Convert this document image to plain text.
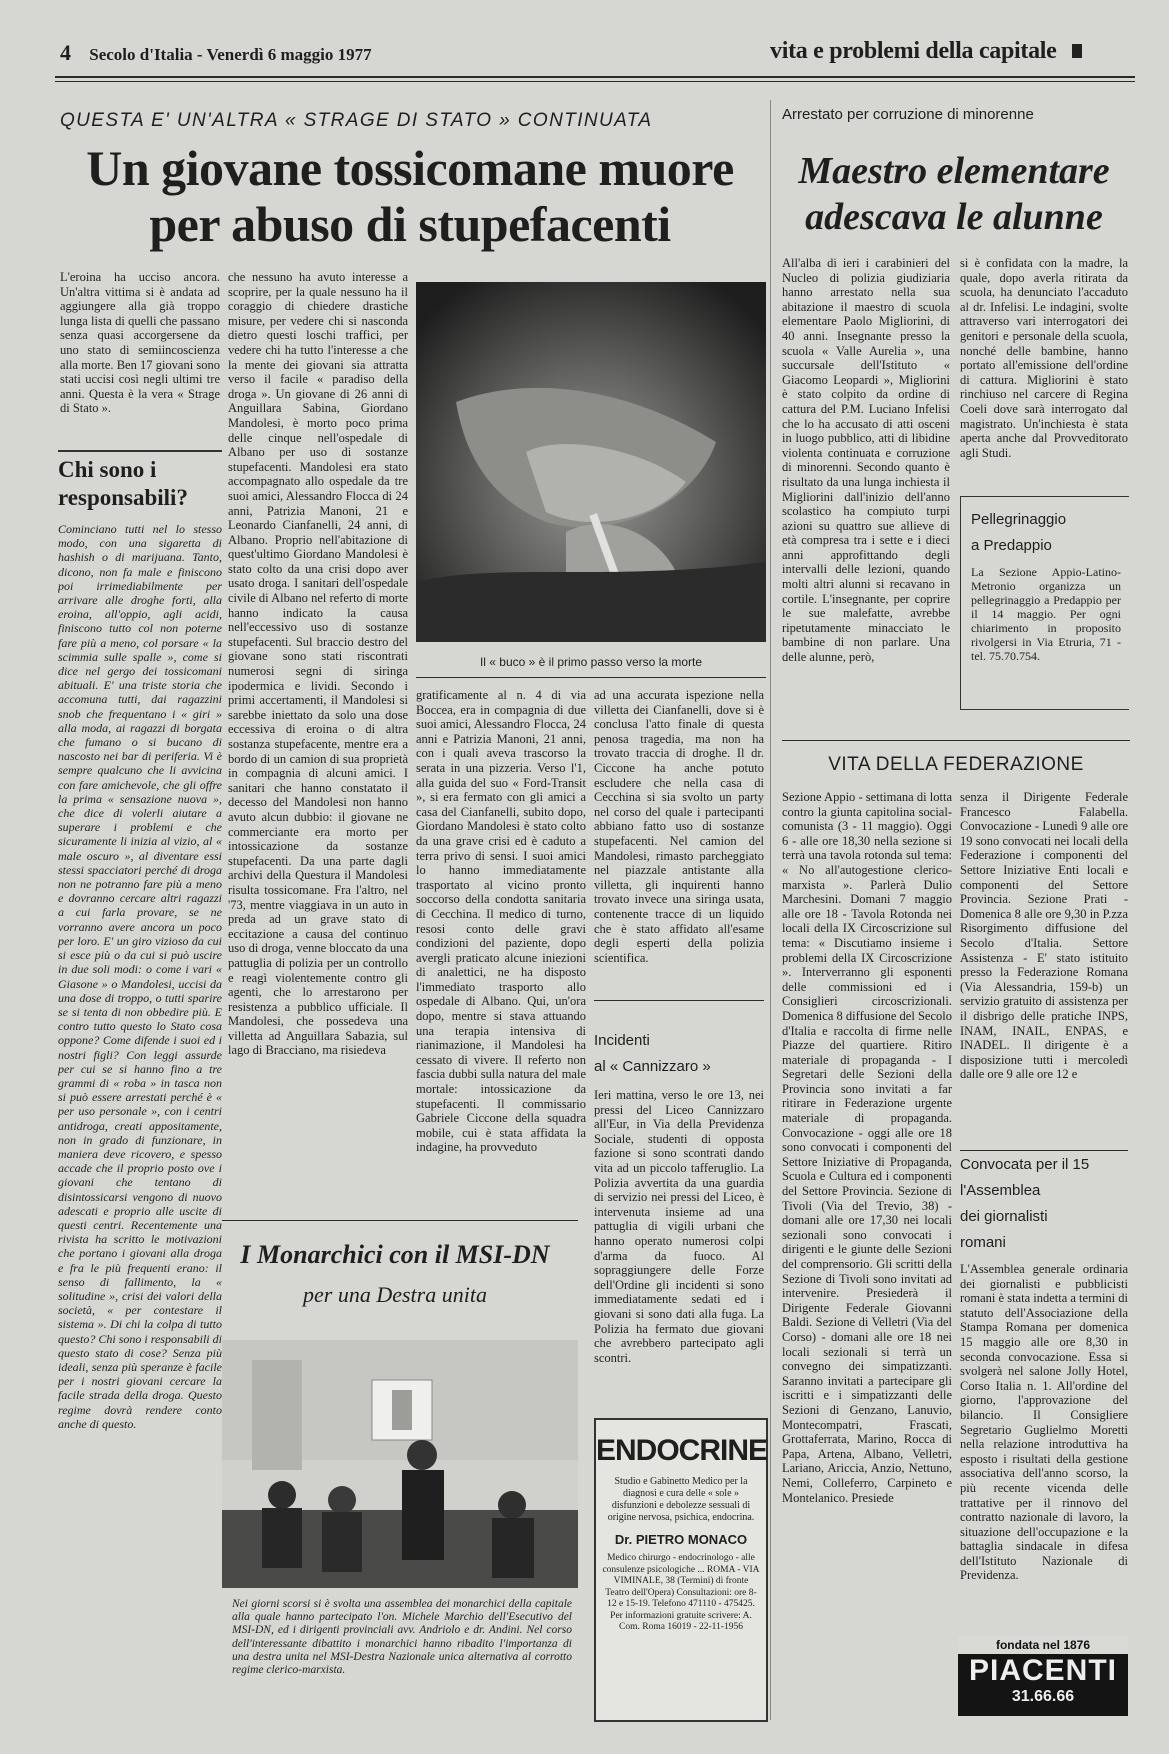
4 Secolo d'Italia - Venerdì 6 maggio 1977	vita e problemi della capitale
QUESTA E' UN'ALTRA « STRAGE DI STATO » CONTINUATA
Un giovane tossicomane muore per abuso di stupefacenti
Arrestato per corruzione di minorenne
Maestro elementare adescava le alunne
L'eroina ha ucciso ancora. Un'altra vittima si è andata ad aggiungere alla già troppo lunga lista di quelli che passano senza quasi accorgersene da uno stato di semiincoscienza alla morte. Ben 17 giovani sono stati uccisi così negli ultimi tre anni. Questa è la vera « Strage di Stato ».
Chi sono i responsabili?
Cominciano tutti nel lo stesso modo, con una sigaretta di hashish o di marijuana. Tanto, dicono, non fa male e finiscono poi irrimediabilmente per arrivare alle droghe forti, alla eroina, all'oppio, agli acidi, finiscono tutto col non poterne fare più a meno, col porsare « la scimmia sulle spalle », come si dice nel gergo dei tossicomani abituali. E' una triste storia che accomuna tutti, dai ragazzini snob che frequentano i « giri » alla moda, ai ragazzi di borgata che fumano o si bucano di nascosto nei bar di periferia. Vi è sempre qualcuno che li avvicina con fare amichevole, che gli offre la prima « sensazione nuova », che dice di volerli aiutare a superare i problemi e che sicuramente li inizia al vizio, al « male oscuro », al diventare essi stessi spacciatori perché di droga non ne potranno fare più a meno e dovranno cercare altri ragazzi a cui farla provare, se ne vorranno avere ancora un poco per loro. E' un giro vizioso da cui si esce più o da cui si può uscire in due soli modi: o come i vari « Giasone » o Mandolesi, uccisi da una dose di troppo, o tutti sparire se si tenta di non obbedire più. E contro tutto questo lo Stato cosa oppone? Come difende i suoi ed i nostri figli? Con leggi assurde per cui se si hanno fino a tre grammi di « roba » in tasca non si può essere arrestati perché è « per uso personale », con i centri antidroga, creati appositamente, non in grado di funzionare, in maniera deve ricovero, e spesso accade che il proprio posto ove i giovani che tentano di disintossicarsi vengono di nuovo adescati e proprio alle uscite di questi centri. Recentemente una rivista ha scritto le motivazioni che portano i giovani alla droga e fra le più frequenti erano: il senso di fallimento, la « solitudine », crisi dei valori della società, « per contestare il sistema ». Di chi la colpa di tutto questo? Chi sono i responsabili di questo stato di cose? Senza più ideali, senza più speranze è facile per i nostri giovani cercare la facile strada della droga. Questo regime dovrà rendere conto anche di questo.
che nessuno ha avuto interesse a scoprire, per la quale nessuno ha il coraggio di chiedere drastiche misure, per vedere chi si nasconda dietro questi loschi traffici, per vedere chi ha tutto l'interesse a che la mente dei giovani sia attratta verso il facile « paradiso della droga ». Un giovane di 26 anni di Anguillara Sabina, Giordano Mandolesi, è morto poco prima delle cinque nell'ospedale di Albano per uso di sostanze stupefacenti. Mandolesi era stato accompagnato allo ospedale da tre suoi amici, Alessandro Flocca di 24 anni, Patrizia Manoni, 21 e Leonardo Cianfanelli, 24 anni, di Albano. Proprio nell'abitazione di quest'ultimo Giordano Mandolesi è stato colto da una crisi dopo aver usato droga. I sanitari dell'ospedale civile di Albano nel referto di morte hanno indicato la causa nell'eccessivo uso di sostanze stupefacenti. Sul braccio destro del giovane sono stati riscontrati numerosi segni di siringa ipodermica e lividi. Secondo i primi accertamenti, il Mandolesi si sarebbe iniettato da solo una dose eccessiva di eroina o di altra sostanza stupefacente, mentre era a bordo di un camion di sua proprietà in compagnia di alcuni amici. I sanitari che hanno constatato il decesso del Mandolesi non hanno avuto alcun dubbio: il giovane ne commerciante era morto per intossicazione da sostanze stupefacenti. Da una parte dagli archivi della Questura il Mandolesi risulta tossicomane. Fra l'altro, nel '73, mentre viaggiava in un auto in preda ad un grave stato di eccitazione a causa del continuo uso di droga, venne bloccato da una pattuglia di polizia per un controllo e reagì violentemente contro gli agenti, che lo arrestarono per resistenza a pubblico ufficiale. Il Mandolesi, che possedeva una villetta ad Anguillara Sabazia, sul lago di Bracciano, ma risiedeva
Il « buco » è il primo passo verso la morte
gratificamente al n. 4 di via Boccea, era in compagnia di due suoi amici, Alessandro Flocca, 24 anni e Patrizia Manoni, 21 anni, con i quali aveva trascorso la serata in una pizzeria. Verso l'1, alla guida del suo « Ford-Transit », si era fermato con gli amici a casa del Cianfanelli, subito dopo, Giordano Mandolesi è stato colto da una grave crisi ed è caduto a terra privo di sensi. I suoi amici lo hanno immediatamente trasportato al vicino pronto soccorso della condotta sanitaria di Cecchina. Il medico di turno, resosi conto delle gravi condizioni del paziente, dopo avergli praticato alcune iniezioni di analettici, ne ha disposto l'immediato trasporto allo ospedale di Albano. Qui, un'ora dopo, mentre si stava attuando una terapia intensiva di rianimazione, il Mandolesi ha cessato di vivere. Il referto non fascia dubbi sulla natura del male mortale: intossicazione da stupefacenti. Il commissario Gabriele Ciccone della squadra mobile, cui è stata affidata la indagine, ha provveduto
ad una accurata ispezione nella villetta dei Cianfanelli, dove si è conclusa l'atto finale di questa penosa tragedia, ma non ha trovato traccia di droghe. Il dr. Ciccone ha anche potuto escludere che nella casa di Cecchina si sia svolto un party nel corso del quale i partecipanti abbiano fatto uso di sostanze stupefacenti. Nel camion del Mandolesi, rimasto parcheggiato nel piazzale antistante alla villetta, gli inquirenti hanno trovato invece una siringa usata, contenente tracce di un liquido che è stato affidato all'esame degli esperti della polizia scientifica.
Incidenti
al « Cannizzaro »
Ieri mattina, verso le ore 13, nei pressi del Liceo Cannizzaro all'Eur, in Via della Previdenza Sociale, studenti di opposta fazione si sono scontrati dando vita ad un piccolo tafferuglio. La Polizia avvertita da una guardia di servizio nei pressi del Liceo, è intervenuta insieme ad una pattuglia di vigili urbani che hanno operato numerosi colpi d'arma da fuoco. Al sopraggiungere delle Forze dell'Ordine gli incidenti si sono immediatamente sedati ed i giovani si sono dati alla fuga. La Polizia ha fermato due giovani che avrebbero partecipato agli scontri.
I Monarchici con il MSI-DN
per una Destra unita
Nei giorni scorsi si è svolta una assemblea dei monarchici della capitale alla quale hanno partecipato l'on. Michele Marchio dell'Esecutivo del MSI-DN, ed i dirigenti provinciali avv. Andriolo e dr. Andini. Nel corso dell'interessante dibattito i monarchici hanno ribadito l'importanza di una destra unita nel MSI-Destra Nazionale unica alternativa al corrotto regime clerico-marxista.
ENDOCRINE
Studio e Gabinetto Medico per la diagnosi e cura delle « sole » disfunzioni e debolezze sessuali di origine nervosa, psichica, endocrina.
Dr. PIETRO MONACO
Medico chirurgo - endocrinologo - alle consulenze psicologiche ... ROMA - VIA VIMINALE, 38 (Termini) di fronte Teatro dell'Opera) Consultazioni: ore 8-12 e 15-19. Telefono 471110 - 475425. Per informazioni gratuite scrivere: A. Com. Roma 16019 - 22-11-1956
All'alba di ieri i carabinieri del Nucleo di polizia giudiziaria hanno arrestato nella sua abitazione il maestro di scuola elementare Paolo Migliorini, di 40 anni. Insegnante presso la scuola « Valle Aurelia », una succursale dell'Istituto « Giacomo Leopardi », Migliorini è stato colpito da ordine di cattura del P.M. Luciano Infelisi che lo ha accusato di atti osceni in luogo pubblico, atti di libidine violenta continuata e corruzione di minorenni. Secondo quanto è risultato da una lunga inchiesta il Migliorini dall'inizio dell'anno scolastico ha compiuto turpi azioni su quattro sue allieve di età compresa tra i sette e i dieci anni approfittando degli intervalli delle lezioni, quando molti altri alunni si recavano in cortile. L'insegnante, per coprire le sue malefatte, avrebbe ripetutamente minacciato le bambine di non parlare. Una delle alunne, però,
si è confidata con la madre, la quale, dopo averla ritirata da scuola, ha denunciato l'accaduto al dr. Infelisi. Le indagini, svolte attraverso vari interrogatori dei genitori e personale della scuola, nonché delle bambine, hanno portato all'emissione dell'ordine di cattura. Migliorini è stato rinchiuso nel carcere di Regina Coeli dove sarà interrogato dal magistrato. Un'inchiesta è stata aperta anche dal Provveditorato agli Studi.
Pellegrinaggio
a Predappio
La Sezione Appio-Latino-Metronio organizza un pellegrinaggio a Predappio per il 14 maggio. Per ogni chiarimento in proposito rivolgersi in Via Etruria, 71 - tel. 75.70.754.
VITA DELLA FEDERAZIONE
Sezione Appio - settimana di lotta contro la giunta capitolina social-comunista (3 - 11 maggio). Oggi 6 - alle ore 18,30 nella sezione si terrà una tavola rotonda sul tema: « No all'autogestione clerico-marxista ». Parlerà Dulio Marchesini. Domani 7 maggio alle ore 18 - Tavola Rotonda nei locali della IX Circoscrizione sul tema: « Discutiamo insieme i problemi della IX Circoscrizione ». Interverranno gli esponenti delle commissioni ed i Consiglieri circoscrizionali. Domenica 8 diffusione del Secolo d'Italia e raccolta di firme nelle Piazze del quartiere. Ritiro materiale di propaganda - I Segretari delle Sezioni della Provincia sono invitati a far ritirare in Federazione urgente materiale di propaganda. Convocazione - oggi alle ore 18 sono convocati i componenti del Settore Iniziative di Propaganda, Scuola e Cultura ed i componenti del Settore Provincia. Sezione di Tivoli (Via del Trevio, 38) - domani alle ore 17,30 nei locali sezionali sono convocati i dirigenti e le giunte delle Sezioni del comprensorio. Gli scritti della Sezione di Tivoli sono invitati ad intervenire. Presiederà il Dirigente Federale Giovanni Baldi. Sezione di Velletri (Via del Corso) - domani alle ore 18 nei locali sezionali si terrà un convegno dei simpatizzanti. Saranno invitati a partecipare gli iscritti e i simpatizzanti delle Sezioni di Genzano, Lanuvio, Montecompatri, Frascati, Grottaferrata, Marino, Rocca di Papa, Artena, Albano, Velletri, Lariano, Ariccia, Anzio, Nettuno, Nemi, Colleferro, Carpineto e Montelanico. Presiede
senza il Dirigente Federale Francesco Falabella. Convocazione - Lunedì 9 alle ore 19 sono convocati nei locali della Federazione i componenti del Settore Iniziative Enti locali e componenti del Settore Provincia. Sezione Prati - Domenica 8 alle ore 9,30 in P.zza Risorgimento diffusione del Secolo d'Italia. Settore Assistenza - E' stato istituito presso la Federazione Romana (Via Alessandria, 159-b) un servizio gratuito di assistenza per il disbrigo delle pratiche INPS, INAM, INAIL, ENPAS, e INADEL. Il dirigente è a disposizione tutti i mercoledì dalle ore 9 alle ore 12 e
Convocata per il 15
l'Assemblea
dei giornalisti
romani
L'Assemblea generale ordinaria dei giornalisti e pubblicisti romani è stata indetta a termini di statuto dell'Associazione della Stampa Romana per domenica 15 maggio alle ore 8,30 in seconda convocazione. Essa si svolgerà nel salone Jolly Hotel, Corso Italia n. 1. All'ordine del giorno, l'approvazione del bilancio. Il Consigliere Segretario Guglielmo Moretti nella relazione introduttiva ha esposto i risultati della gestione associativa dell'anno scorso, la più recente vicenda delle trattative per il rinnovo del contratto nazionale di lavoro, la situazione dell'occupazione e la battaglia sindacale in difesa dell'Istituto Nazionale di Previdenza.
fondata nel 1876
PIACENTI
31.66.66
